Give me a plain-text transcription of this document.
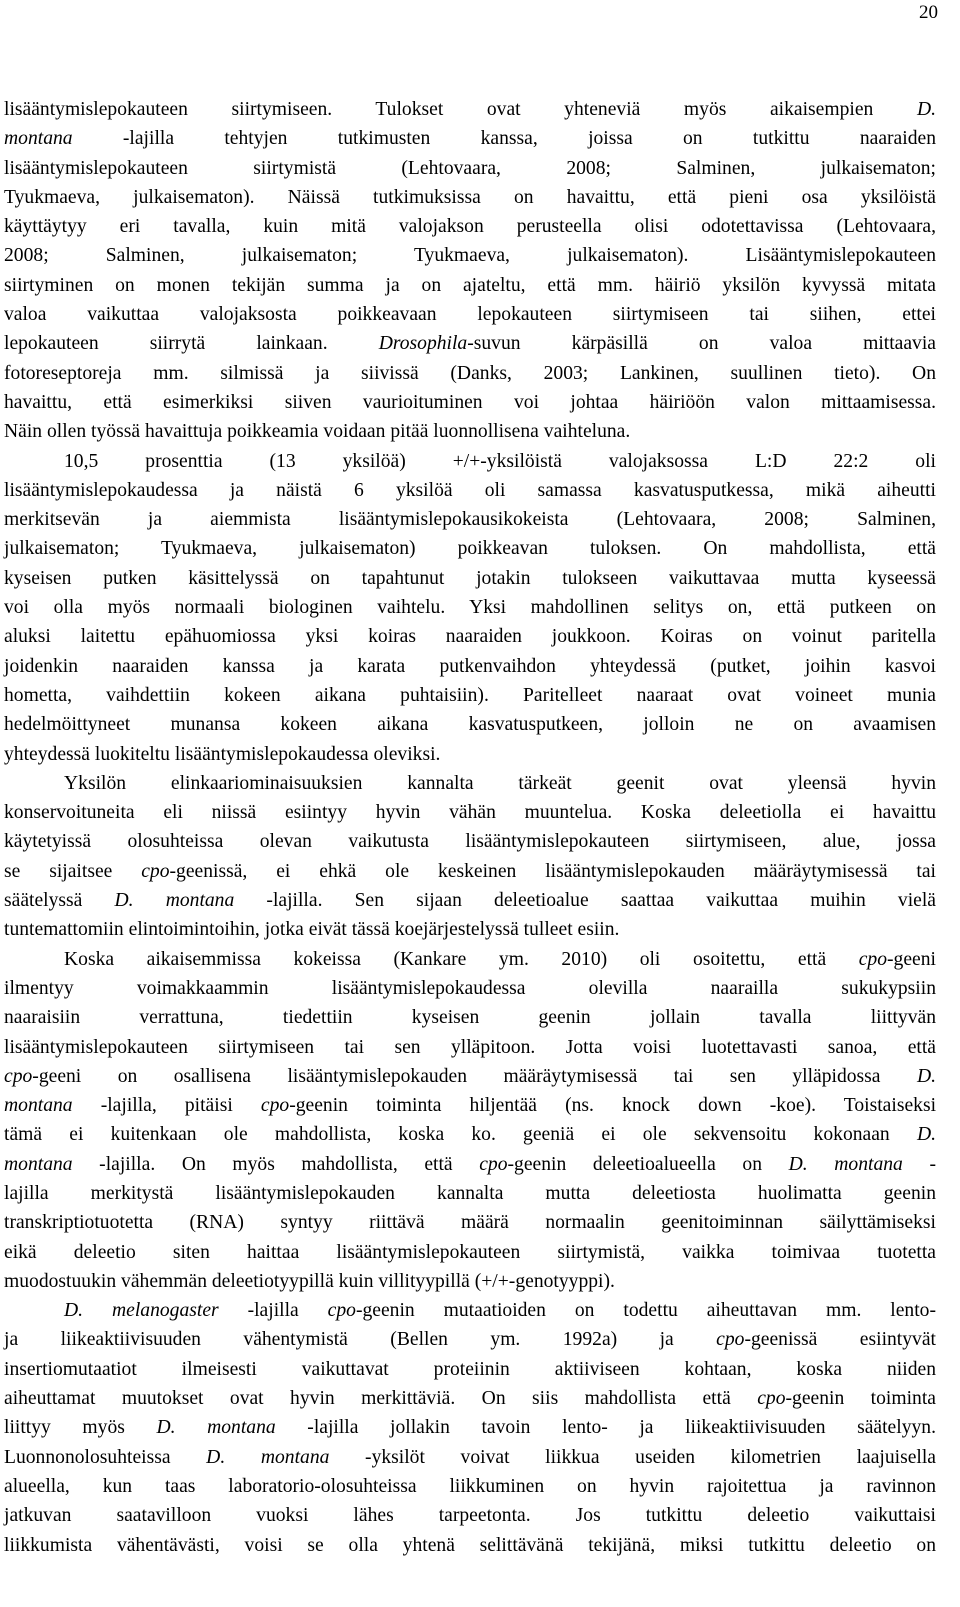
20
lisääntymislepokauteen siirtymiseen. Tulokset ovat yhteneviä myös aikaisempien D.
montana -lajilla tehtyjen tutkimusten kanssa, joissa on tutkittu naaraiden
lisääntymislepokauteen siirtymistä (Lehtovaara, 2008; Salminen, julkaisematon;
Tyukmaeva, julkaisematon). Näissä tutkimuksissa on havaittu, että pieni osa yksilöistä
käyttäytyy eri tavalla, kuin mitä valojakson perusteella olisi odotettavissa (Lehtovaara,
2008; Salminen, julkaisematon; Tyukmaeva, julkaisematon). Lisääntymislepokauteen
siirtyminen on monen tekijän summa ja on ajateltu, että mm. häiriö yksilön kyvyssä mitata
valoa vaikuttaa valojaksosta poikkeavaan lepokauteen siirtymiseen tai siihen, ettei
lepokauteen siirrytä lainkaan. Drosophila-suvun kärpäsillä on valoa mittaavia
fotoreseptoreja mm. silmissä ja siivissä (Danks, 2003; Lankinen, suullinen tieto). On
havaittu, että esimerkiksi siiven vaurioituminen voi johtaa häiriöön valon mittaamisessa.
Näin ollen työssä havaittuja poikkeamia voidaan pitää luonnollisena vaihteluna.
10,5 prosenttia (13 yksilöä) +/+-yksilöistä valojaksossa L:D 22:2 oli
lisääntymislepokaudessa ja näistä 6 yksilöä oli samassa kasvatusputkessa, mikä aiheutti
merkitsevän ja aiemmista lisääntymislepokausikokeista (Lehtovaara, 2008; Salminen,
julkaisematon; Tyukmaeva, julkaisematon) poikkeavan tuloksen. On mahdollista, että
kyseisen putken käsittelyssä on tapahtunut jotakin tulokseen vaikuttavaa mutta kyseessä
voi olla myös normaali biologinen vaihtelu. Yksi mahdollinen selitys on, että putkeen on
aluksi laitettu epähuomiossa yksi koiras naaraiden joukkoon. Koiras on voinut paritella
joidenkin naaraiden kanssa ja karata putkenvaihdon yhteydessä (putket, joihin kasvoi
hometta, vaihdettiin kokeen aikana puhtaisiin). Paritelleet naaraat ovat voineet munia
hedelmöittyneet munansa kokeen aikana kasvatusputkeen, jolloin ne on avaamisen
yhteydessä luokiteltu lisääntymislepokaudessa oleviksi.
Yksilön elinkaariominaisuuksien kannalta tärkeät geenit ovat yleensä hyvin
konservoituneita eli niissä esiintyy hyvin vähän muuntelua. Koska deleetiolla ei havaittu
käytetyissä olosuhteissa olevan vaikutusta lisääntymislepokauteen siirtymiseen, alue, jossa
se sijaitsee cpo-geenissä, ei ehkä ole keskeinen lisääntymislepokauden määräytymisessä tai
säätelyssä D. montana -lajilla. Sen sijaan deleetioalue saattaa vaikuttaa muihin vielä
tuntemattomiin elintoimintoihin, jotka eivät tässä koejärjestelyssä tulleet esiin.
Koska aikaisemmissa kokeissa (Kankare ym. 2010) oli osoitettu, että cpo-geeni
ilmentyy voimakkaammin lisääntymislepokaudessa olevilla naarailla sukukypsiin
naaraisiin verrattuna, tiedettiin kyseisen geenin jollain tavalla liittyvän
lisääntymislepokauteen siirtymiseen tai sen ylläpitoon. Jotta voisi luotettavasti sanoa, että
cpo-geeni on osallisena lisääntymislepokauden määräytymisessä tai sen ylläpidossa D.
montana -lajilla, pitäisi cpo-geenin toiminta hiljentää (ns. knock down -koe). Toistaiseksi
tämä ei kuitenkaan ole mahdollista, koska ko. geeniä ei ole sekvensoitu kokonaan D.
montana -lajilla. On myös mahdollista, että cpo-geenin deleetioalueella on D. montana -
lajilla merkitystä lisääntymislepokauden kannalta mutta deleetiosta huolimatta geenin
transkriptiotuotetta (RNA) syntyy riittävä määrä normaalin geenitoiminnan säilyttämiseksi
eikä deleetio siten haittaa lisääntymislepokauteen siirtymistä, vaikka toimivaa tuotetta
muodostuukin vähemmän deleetiotyypillä kuin villityypillä (+/+-genotyyppi).
D. melanogaster -lajilla cpo-geenin mutaatioiden on todettu aiheuttavan mm. lento-
ja liikeaktiivisuuden vähentymistä (Bellen ym. 1992a) ja cpo-geenissä esiintyvät
insertiomutaatiot ilmeisesti vaikuttavat proteiinin aktiiviseen kohtaan, koska niiden
aiheuttamat muutokset ovat hyvin merkittäviä. On siis mahdollista että cpo-geenin toiminta
liittyy myös D. montana -lajilla jollakin tavoin lento- ja liikeaktiivisuuden säätelyyn.
Luonnonolosuhteissa D. montana -yksilöt voivat liikkua useiden kilometrien laajuisella
alueella, kun taas laboratorio-olosuhteissa liikkuminen on hyvin rajoitettua ja ravinnon
jatkuvan saatavilloon vuoksi lähes tarpeetonta. Jos tutkittu deleetio vaikuttaisi
liikkumista vähentävästi, voisi se olla yhtenä selittävänä tekijänä, miksi tutkittu deleetio on
